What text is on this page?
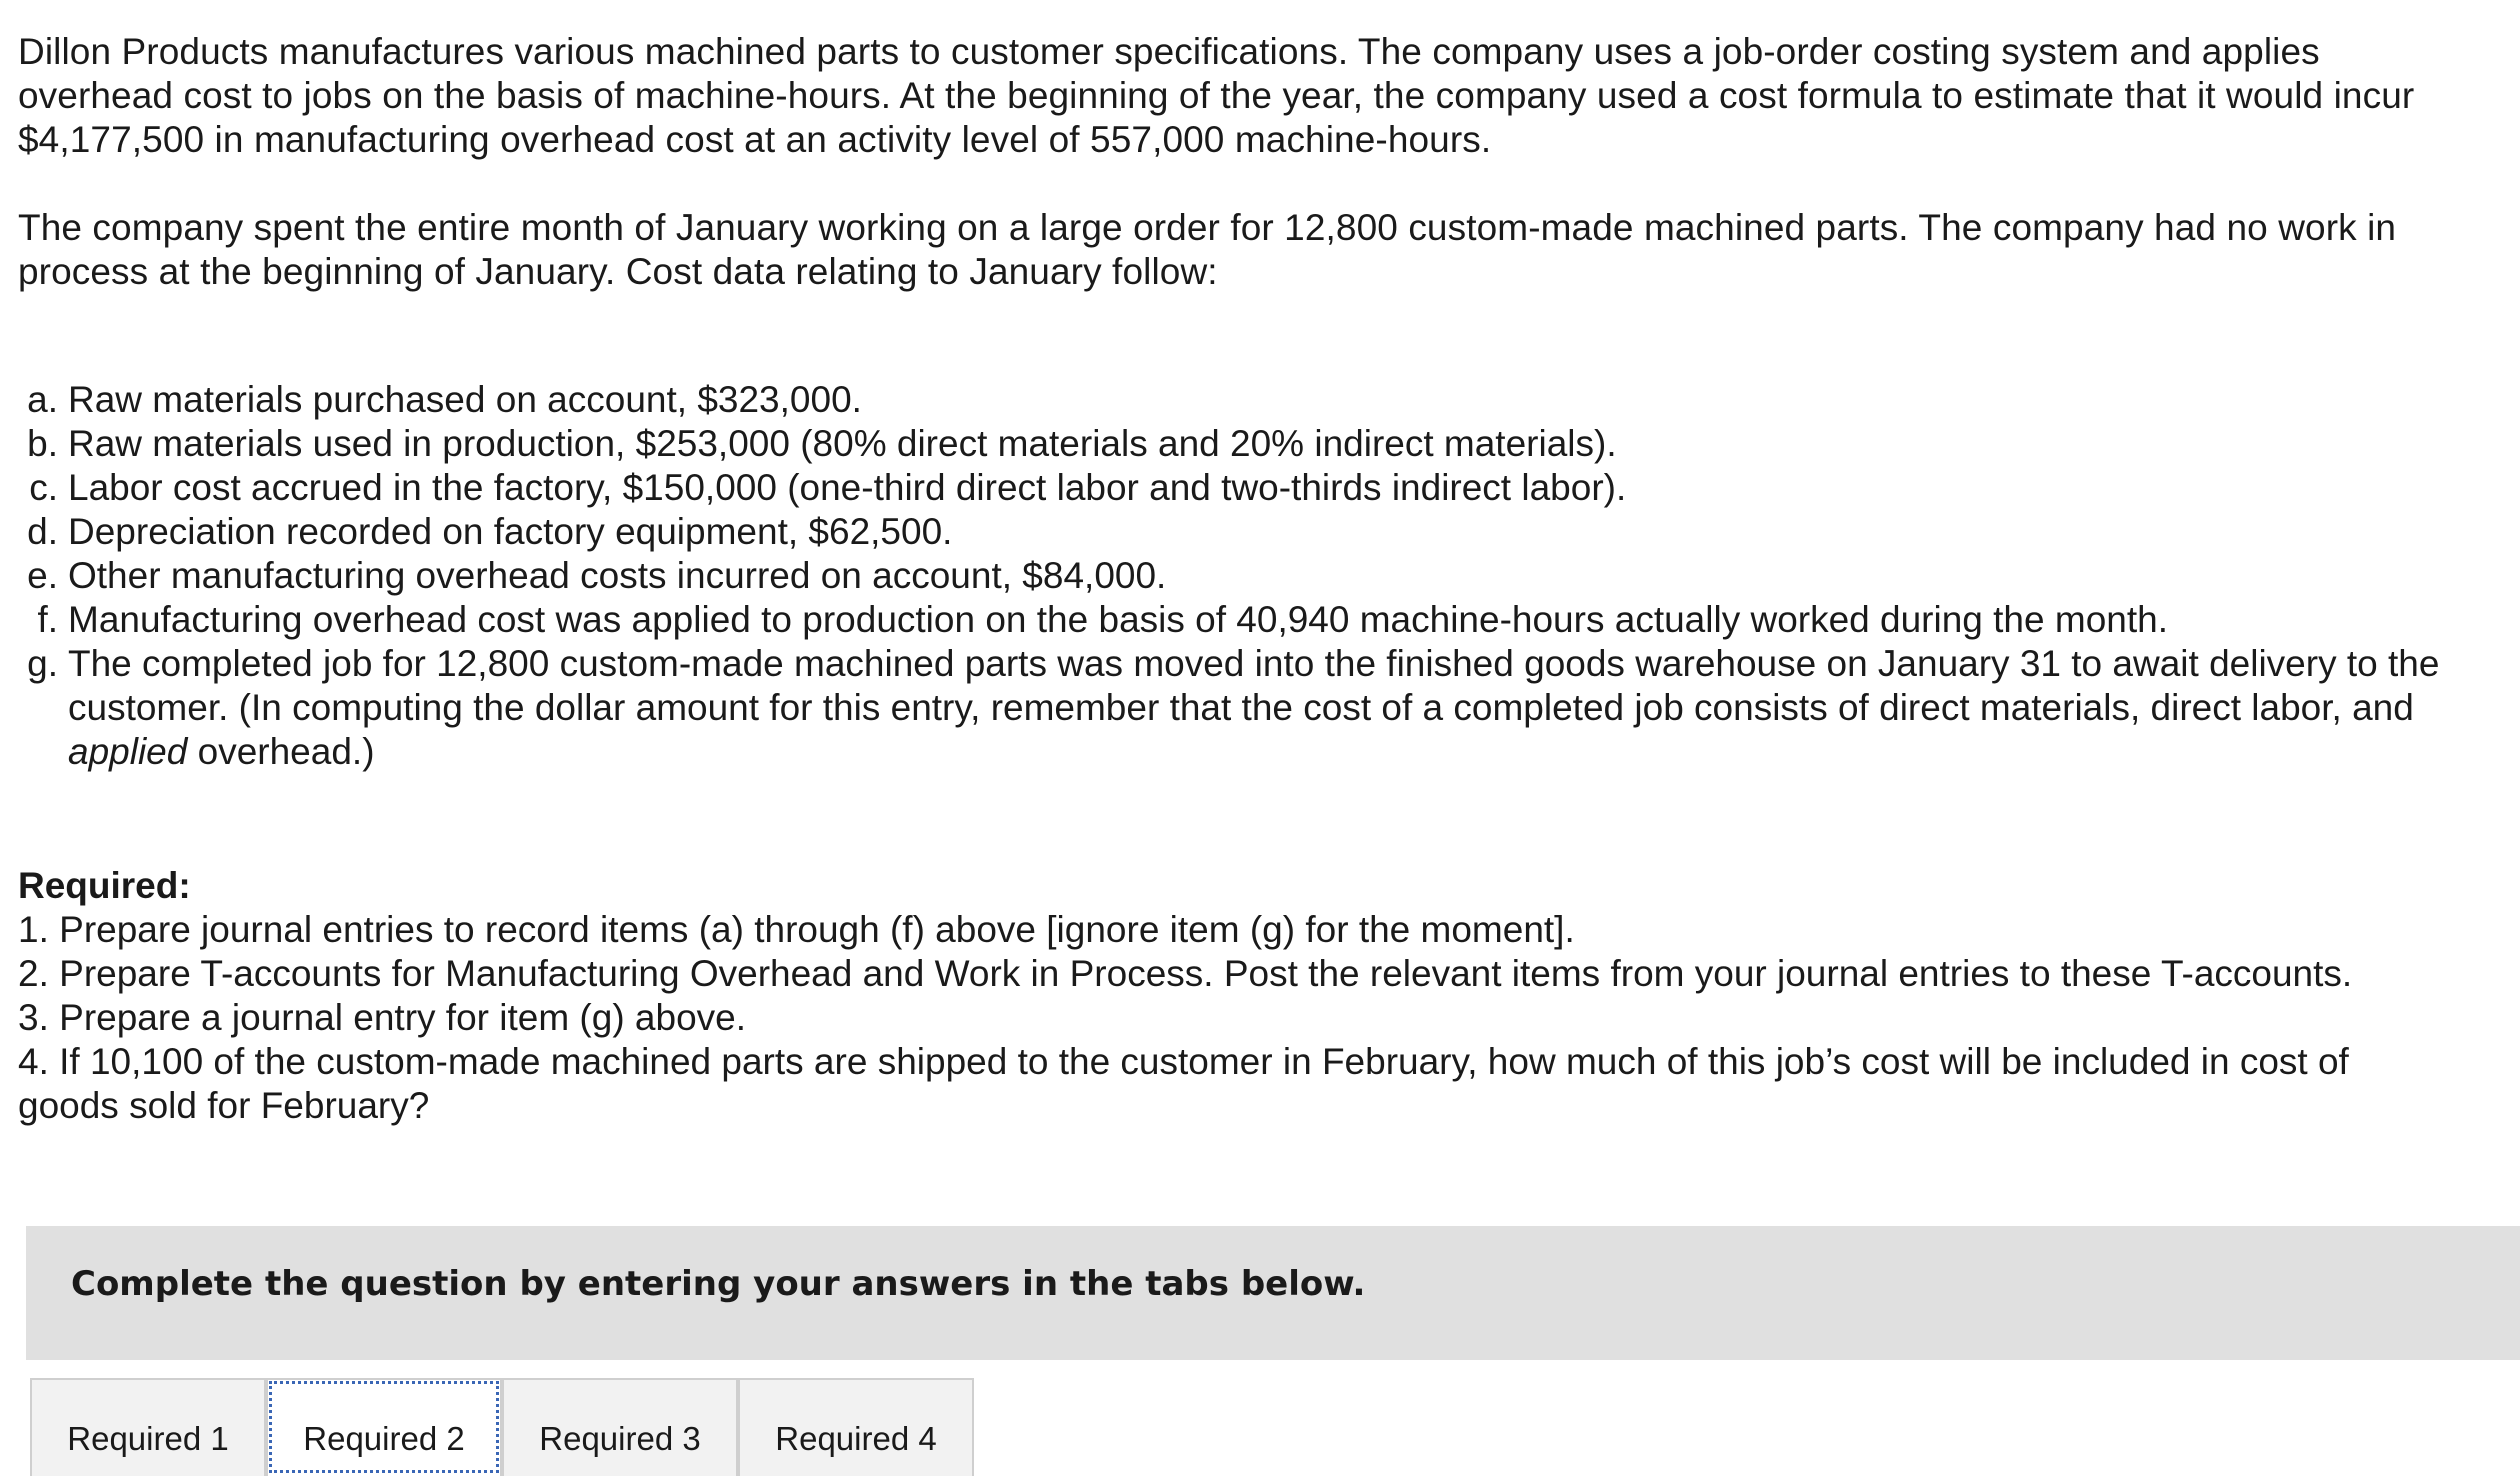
Dillon Products manufactures various machined parts to customer specifications. The company uses a job-order costing system and applies overhead cost to jobs on the basis of machine-hours. At the beginning of the year, the company used a cost formula to estimate that it would incur $4,177,500 in manufacturing overhead cost at an activity level of 557,000 machine-hours.

The company spent the entire month of January working on a large order for 12,800 custom-made machined parts. The company had no work in process at the beginning of January. Cost data relating to January follow:

a. Raw materials purchased on account, $323,000.
b. Raw materials used in production, $253,000 (80% direct materials and 20% indirect materials).
c. Labor cost accrued in the factory, $150,000 (one-third direct labor and two-thirds indirect labor).
d. Depreciation recorded on factory equipment, $62,500.
e. Other manufacturing overhead costs incurred on account, $84,000.
f. Manufacturing overhead cost was applied to production on the basis of 40,940 machine-hours actually worked during the month.
g. The completed job for 12,800 custom-made machined parts was moved into the finished goods warehouse on January 31 to await delivery to the customer. (In computing the dollar amount for this entry, remember that the cost of a completed job consists of direct materials, direct labor, and applied overhead.)
Required:

1. Prepare journal entries to record items (a) through (f) above [ignore item (g) for the moment].

2. Prepare T-accounts for Manufacturing Overhead and Work in Process. Post the relevant items from your journal entries to these T-accounts.

3. Prepare a journal entry for item (g) above.

4. If 10,100 of the custom-made machined parts are shipped to the customer in February, how much of this job’s cost will be included in cost of goods sold for February?

Complete the question by entering your answers in the tabs below.
Required 1	Required 2	Required 3	Required 4
